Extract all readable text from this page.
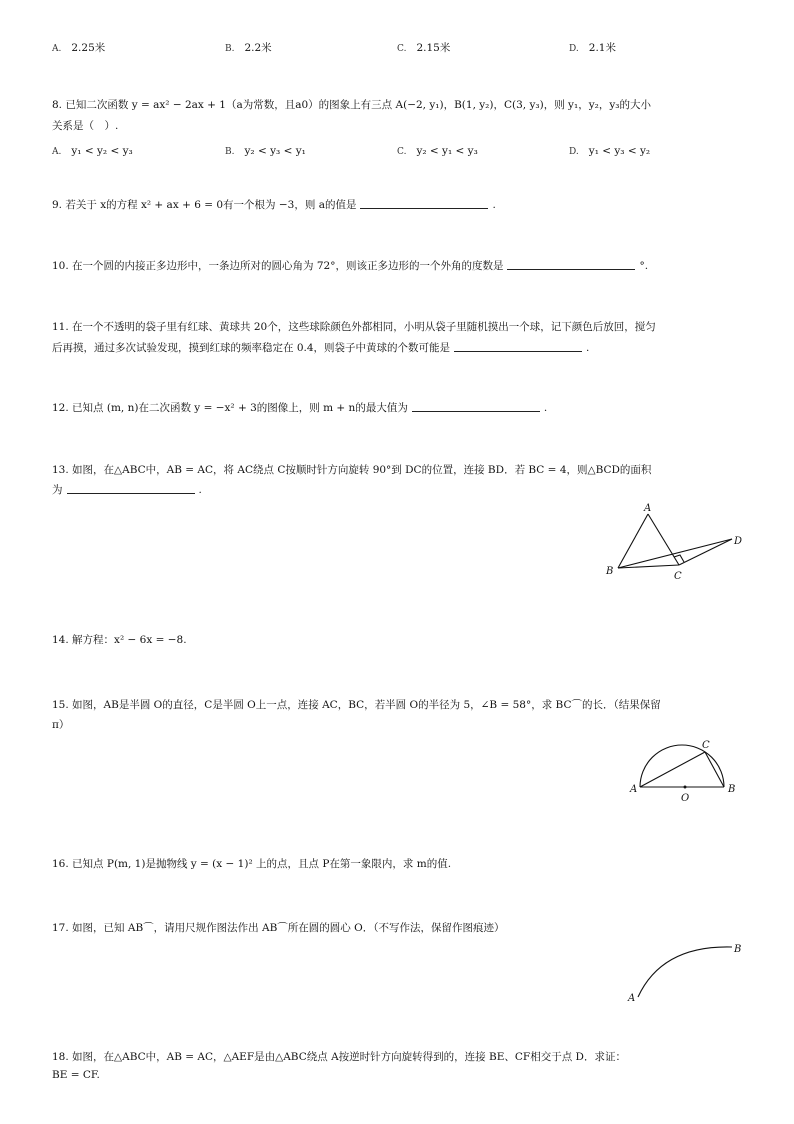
A. 2.25米	B. 2.2米	C. 2.15米	D. 2.1米
8. 已知二次函数 y = ax² − 2ax + 1（a为常数，且a0）的图象上有三点 A(−2, y₁)，B(1, y₂)，C(3, y₃)，则 y₁，y₂，y₃的大小
关系是（　）.
A. y₁ < y₂ < y₃	B. y₂ < y₃ < y₁	C. y₂ < y₁ < y₃	D. y₁ < y₃ < y₂
9. 若关于 x的方程 x² + ax + 6 = 0有一个根为 −3，则 a的值是	.
10. 在一个圆的内接正多边形中，一条边所对的圆心角为 72°，则该正多边形的一个外角的度数是	°.
11. 在一个不透明的袋子里有红球、黄球共 20个，这些球除颜色外都相同，小明从袋子里随机摸出一个球，记下颜色后放回，搅匀
后再摸，通过多次试验发现，摸到红球的频率稳定在 0.4，则袋子中黄球的个数可能是	.
12. 已知点 (m, n)在二次函数 y = −x² + 3的图像上，则 m + n的最大值为	.
13. 如图，在△ABC中，AB = AC，将 AC绕点 C按顺时针方向旋转 90°到 DC的位置，连接 BD．若 BC = 4，则△BCD的面积
为	.
A
B	C
D
14. 解方程：x² − 6x = −8.
15. 如图，AB是半圆 O的直径，C是半圆 O上一点，连接 AC，BC，若半圆 O的半径为 5，∠B = 58°，求 BC⌒的长．（结果保留
π）
A	B
C
O
16. 已知点 P(m, 1)是抛物线 y = (x − 1)² 上的点，且点 P在第一象限内，求 m的值.
17. 如图，已知 AB⌒，请用尺规作图法作出 AB⌒所在圆的圆心 O．（不写作法，保留作图痕迹）
A
B
18. 如图，在△ABC中，AB = AC，△AEF是由△ABC绕点 A按逆时针方向旋转得到的，连接 BE、CF相交于点 D．求证：
BE = CF.
